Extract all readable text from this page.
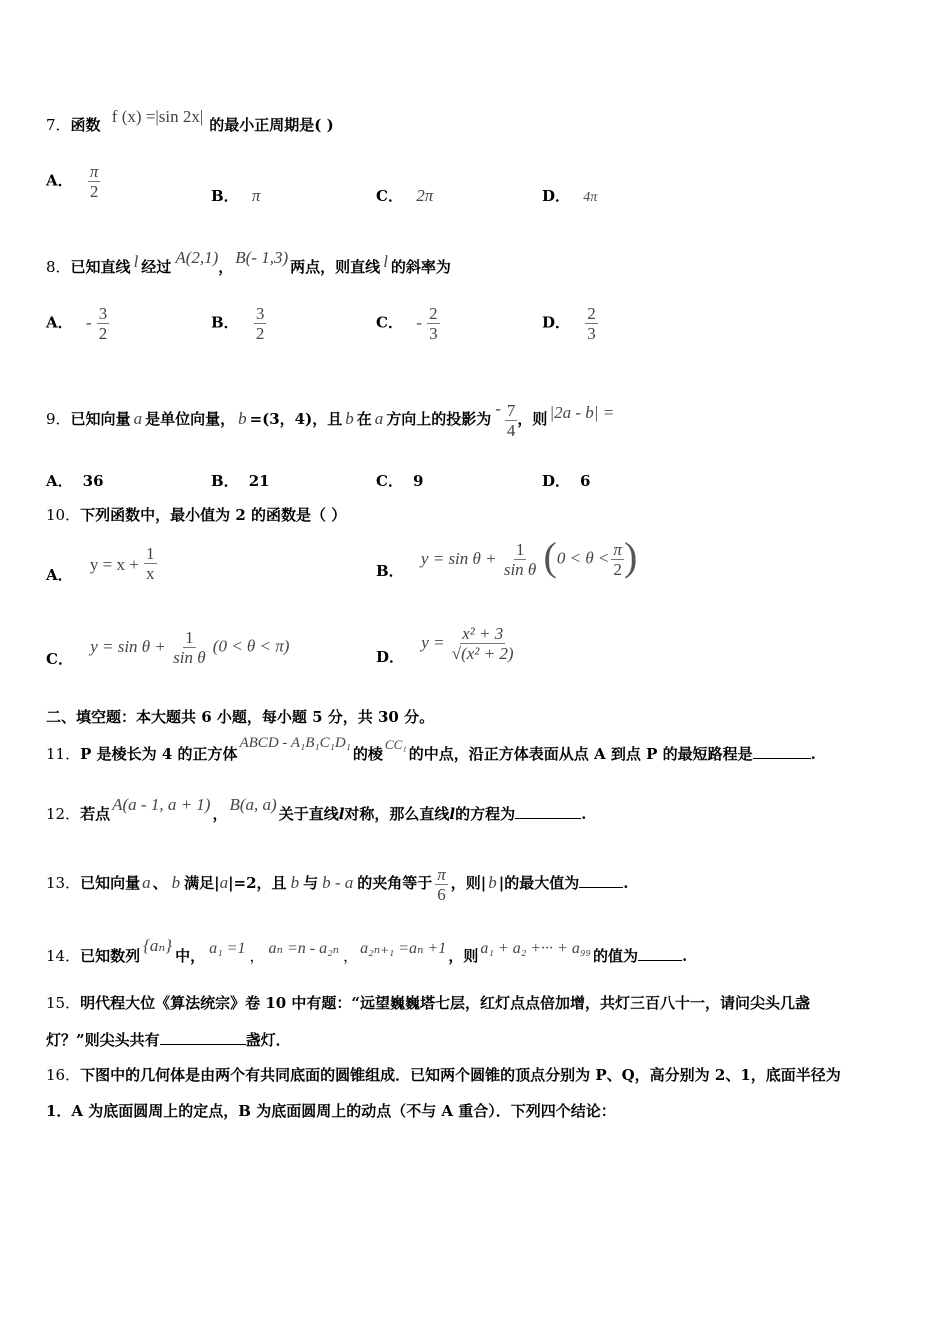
7．函数 f (x) =|sin 2x| 的最小正周期是( )
A． $\frac{\pi}{2}$	B． π	C． 2π	D． 4π
8．已知直线 l 经过 A(2,1)， B(- 1,3) 两点，则直线 l 的斜率为
A． - $\frac{3}{2}$	B． $\frac{3}{2}$	C． - $\frac{2}{3}$	D． $\frac{2}{3}$
9．已知向量 a 是单位向量， b =(3，4)，且 b 在 a 方向上的投影为- $\frac{7}{4}$ ，则 |2a - b| =
A． 36	B． 21	C． 9	D． 6
10．下列函数中，最小值为 2 的函数是（ ）
A． $y = x + \frac{1}{x}$	B． $y = \sin \theta + \frac{1}{\text{sin θ}} (0 < \theta < \frac{\pi}{2}$ )
C． $y = \sin \theta + \frac{1}{\text{sin θ}} (0 < \theta < \pi)$
D． $y = \frac{\text{x² + 3}}{\text{√(x² + 2)}}$
二、填空题：本大题共 6 小题，每小题 5 分，共 30 分。
11．P 是棱长为 4 的正方体ABCD - A₁B₁C₁D₁的棱CC₁的中点，沿正方体表面从点 A 到点 P 的最短路程是	.
12．若点 A(a - 1, a + 1) ， B(a, a) 关于直线l对称，那么直线l的方程为	.
13．已知向量 a 、 b 满足|a|=2，且 b 与 b - a 的夹角等于 $\frac{\pi}{6}$ ，则| b |的最大值为	.
14．已知数列{aₙ}中， a₁ =1 ， aₙ =n - a₂ₙ ， a₂ₙ₊₁ =aₙ +1 ，则 a₁ + a₂ +··· + a₉₉ 的值为	.
15．明代程大位《算法统宗》卷 10 中有题：“远望巍巍塔七层，红灯点点倍加增，共灯三百八十一，请问尖头几盏
灯？”则尖头共有	盏灯．
16．下图中的几何体是由两个有共同底面的圆锥组成．已知两个圆锥的顶点分别为 P、Q，高分别为 2、1，底面半径为
1．A 为底面圆周上的定点，B 为底面圆周上的动点（不与 A 重合）．下列四个结论：
